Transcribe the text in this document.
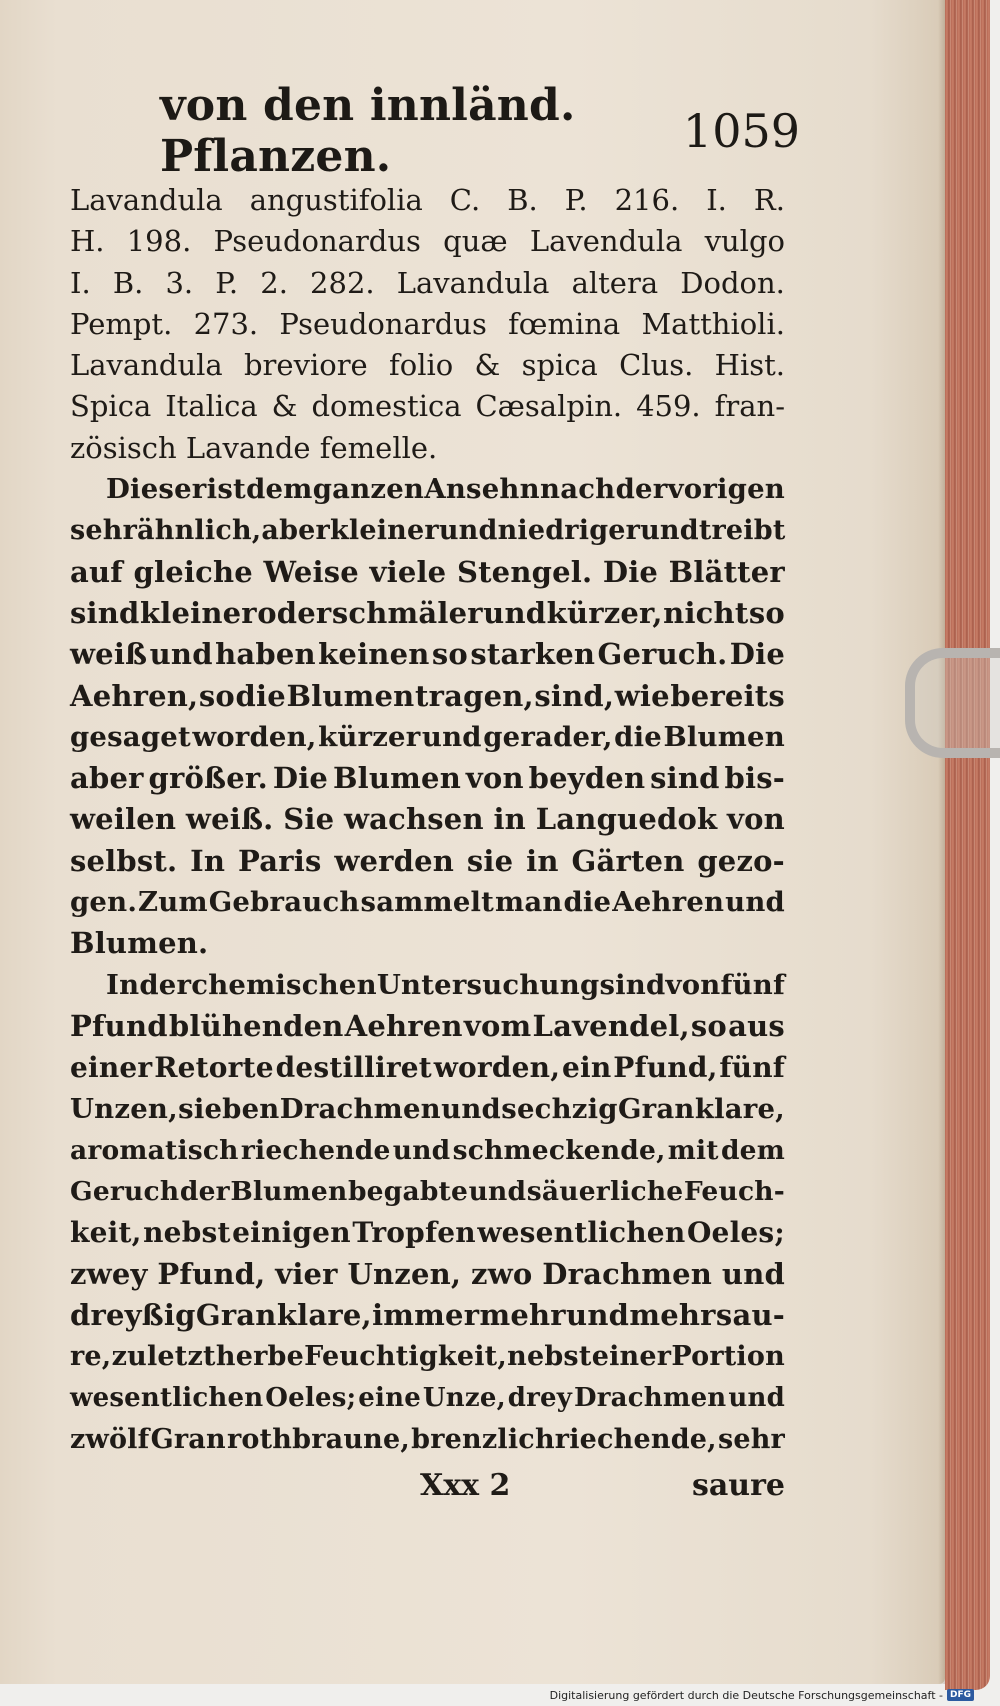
von den innländ. Pflanzen.	1059
Lavandula angustifolia C. B. P. 216. I. R.
H. 198. Pseudonardus quæ Lavendula vulgo
I. B. 3. P. 2. 282. Lavandula altera Dodon.
Pempt. 273. Pseudonardus fœmina Matthioli.
Lavandula breviore folio & spica Clus. Hist.
Spica Italica & domestica Cæsalpin. 459. fran-
zösisch Lavande femelle.
Dieser ist dem ganzen Ansehn nach der vorigen
sehr ähnlich, aber kleiner und niedriger und treibt
auf gleiche Weise viele Stengel. Die Blätter
sind kleiner oder schmäler und kürzer, nicht so
weiß und haben keinen so starken Geruch. Die
Aehren, so die Blumen tragen, sind, wie bereits
gesaget worden, kürzer und gerader, die Blumen
aber größer. Die Blumen von beyden sind bis-
weilen weiß. Sie wachsen in Languedok von
selbst. In Paris werden sie in Gärten gezo-
gen. Zum Gebrauch sammelt man die Aehren und
Blumen.
In der chemischen Untersuchung sind von fünf
Pfund blühenden Aehren vom Lavendel, so aus
einer Retorte destilliret worden, ein Pfund, fünf
Unzen, sieben Drachmen und sechzig Gran klare,
aromatisch riechende und schmeckende, mit dem
Geruch der Blumen begabte und säuerliche Feuch-
keit, nebst einigen Tropfen wesentlichen Oeles;
zwey Pfund, vier Unzen, zwo Drachmen und
dreyßig Gran klare, immer mehr und mehr sau-
re, zuletzt herbe Feuchtigkeit, nebst einer Portion
wesentlichen Oeles; eine Unze, drey Drachmen und
zwölf Gran rothbraune, brenzlichriechende, sehr
Xxx 2	saure
Digitalisierung gefördert durch die Deutsche Forschungsgemeinschaft - DFG
